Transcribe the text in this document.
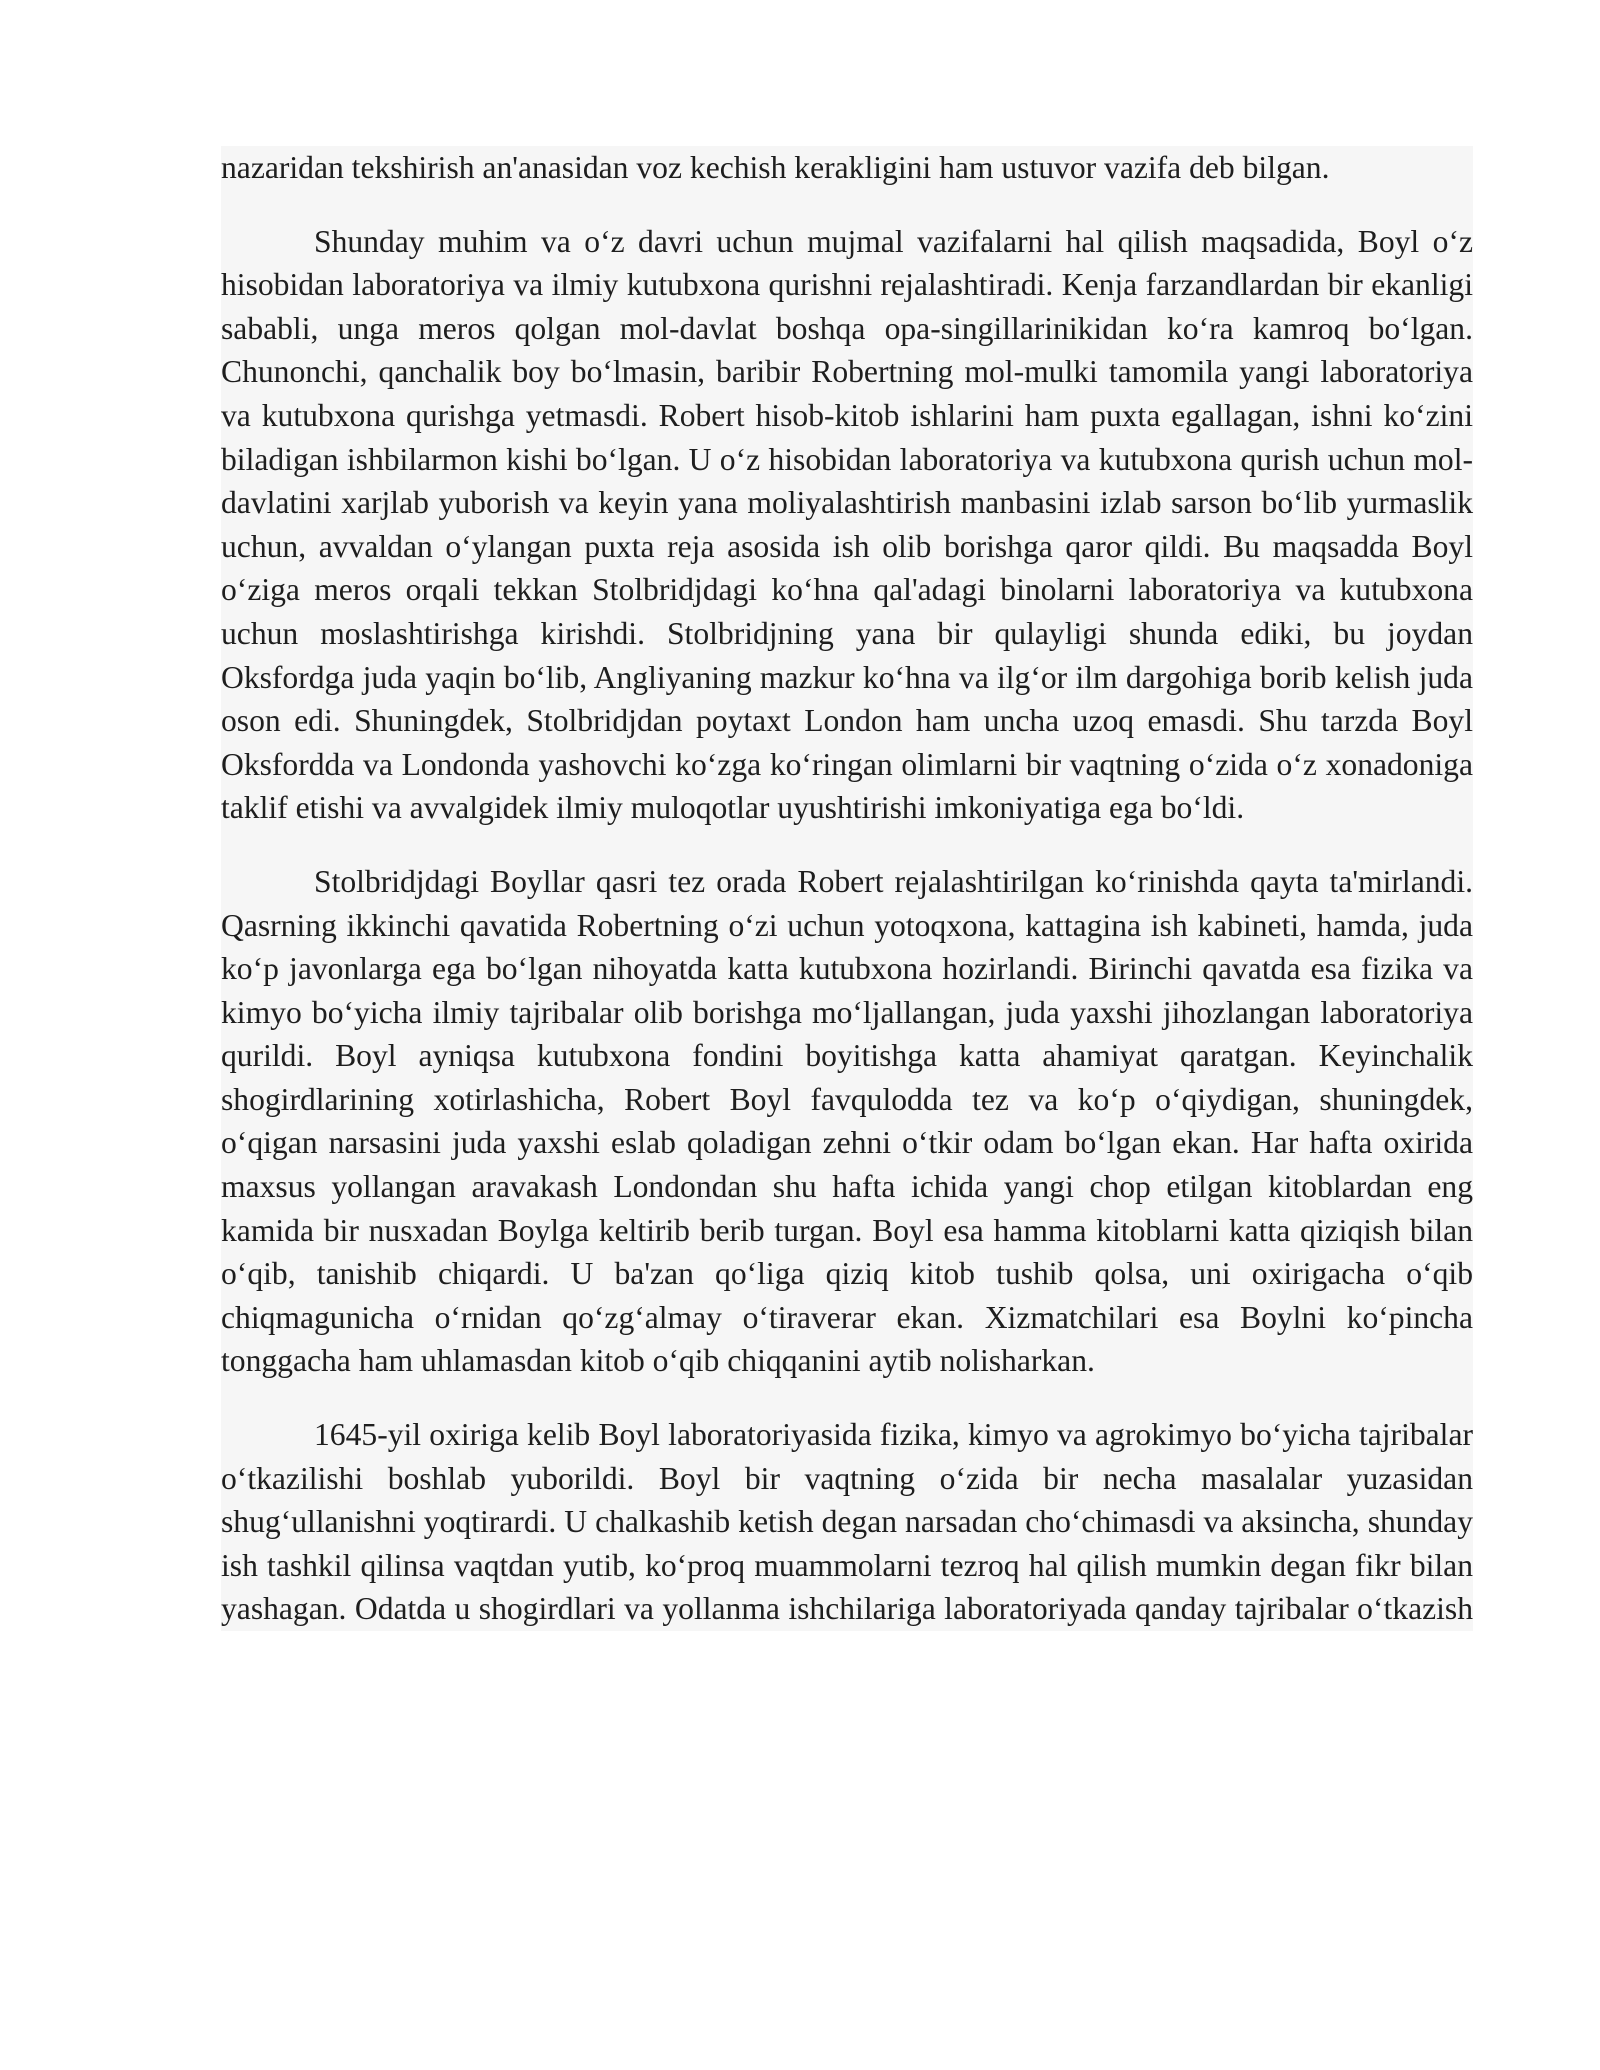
nazaridan tekshirish an'anasidan voz kechish kerakligini ham ustuvor vazifa deb bilgan.

Shunday muhim va oʻz davri uchun mujmal vazifalarni hal qilish maqsadida, Boyl oʻz hisobidan laboratoriya va ilmiy kutubxona qurishni rejalashtiradi. Kenja farzandlardan bir ekanligi sababli, unga meros qolgan mol-davlat boshqa opa-singillarinikidan koʻra kamroq boʻlgan. Chunonchi, qanchalik boy boʻlmasin, baribir Robertning mol-mulki tamomila yangi laboratoriya va kutubxona qurishga yetmasdi. Robert hisob-kitob ishlarini ham puxta egallagan, ishni koʻzini biladigan ishbilarmon kishi boʻlgan. U oʻz hisobidan laboratoriya va kutubxona qurish uchun mol-davlatini xarjlab yuborish va keyin yana moliyalashtirish manbasini izlab sarson boʻlib yurmaslik uchun, avvaldan oʻylangan puxta reja asosida ish olib borishga qaror qildi. Bu maqsadda Boyl oʻziga meros orqali tekkan Stolbridjdagi koʻhna qal'adagi binolarni laboratoriya va kutubxona uchun moslashtirishga kirishdi. Stolbridjning yana bir qulayligi shunda ediki, bu joydan Oksfordga juda yaqin boʻlib, Angliyaning mazkur koʻhna va ilgʻor ilm dargohiga borib kelish juda oson edi. Shuningdek, Stolbridjdan poytaxt London ham uncha uzoq emasdi. Shu tarzda Boyl Oksfordda va Londonda yashovchi koʻzga koʻringan olimlarni bir vaqtning oʻzida oʻz xonadoniga taklif etishi va avvalgidek ilmiy muloqotlar uyushtirishi imkoniyatiga ega boʻldi.

Stolbridjdagi Boyllar qasri tez orada Robert rejalashtirilgan koʻrinishda qayta ta'mirlandi. Qasrning ikkinchi qavatida Robertning oʻzi uchun yotoqxona, kattagina ish kabineti, hamda, juda koʻp javonlarga ega boʻlgan nihoyatda katta kutubxona hozirlandi. Birinchi qavatda esa fizika va kimyo boʻyicha ilmiy tajribalar olib borishga moʻljallangan, juda yaxshi jihozlangan laboratoriya qurildi. Boyl ayniqsa kutubxona fondini boyitishga katta ahamiyat qaratgan. Keyinchalik shogirdlarining xotirlashicha, Robert Boyl favqulodda tez va koʻp oʻqiydigan, shuningdek, oʻqigan narsasini juda yaxshi eslab qoladigan zehni oʻtkir odam boʻlgan ekan. Har hafta oxirida maxsus yollangan aravakash Londondan shu hafta ichida yangi chop etilgan kitoblardan eng kamida bir nusxadan Boylga keltirib berib turgan. Boyl esa hamma kitoblarni katta qiziqish bilan oʻqib, tanishib chiqardi. U ba'zan qoʻliga qiziq kitob tushib qolsa, uni oxirigacha oʻqib chiqmagunicha oʻrnidan qoʻzgʻalmay oʻtiraverar ekan. Xizmatchilari esa Boylni koʻpincha tonggacha ham uhlamasdan kitob oʻqib chiqqanini aytib nolisharkan.

1645-yil oxiriga kelib Boyl laboratoriyasida fizika, kimyo va agrokimyo boʻyicha tajribalar oʻtkazilishi boshlab yuborildi. Boyl bir vaqtning oʻzida bir necha masalalar yuzasidan shugʻullanishni yoqtirardi. U chalkashib ketish degan narsadan choʻchimasdi va aksincha, shunday ish tashkil qilinsa vaqtdan yutib, koʻproq muammolarni tezroq hal qilish mumkin degan fikr bilan yashagan. Odatda u shogirdlari va yollanma ishchilariga laboratoriyada qanday tajribalar oʻtkazish
